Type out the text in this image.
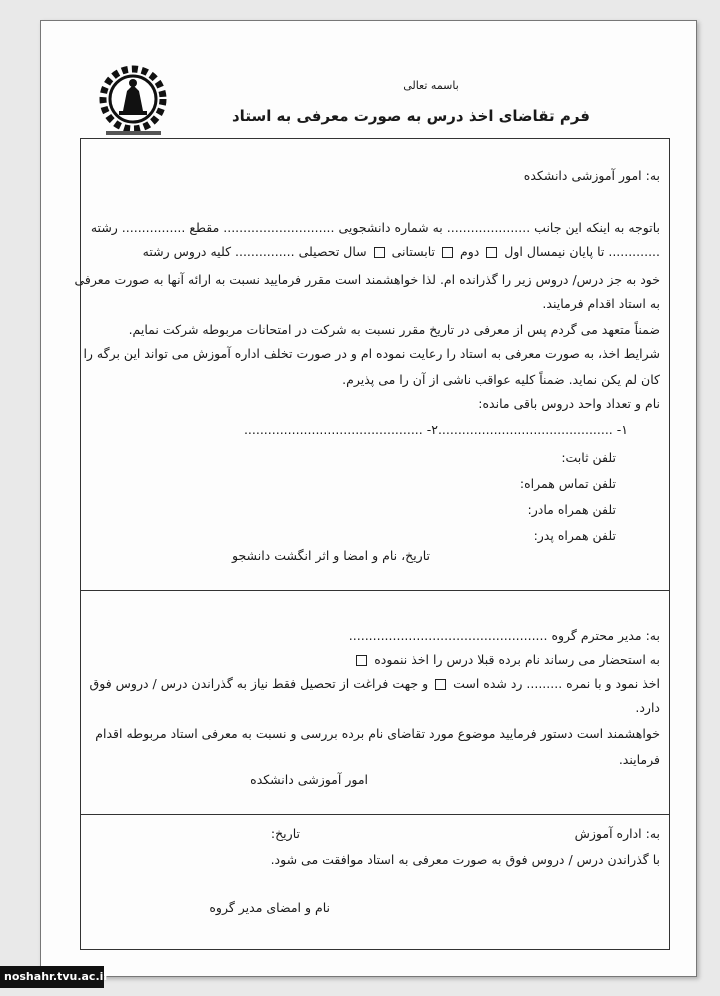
باسمه تعالی
فرم تقاضای اخذ درس به صورت معرفی به استاد
به: امور آموزشی دانشکده
باتوجه به اینکه این جانب ..................... به شماره دانشجویی ............................ مقطع ................ رشته
............. تا پایان نیمسال اول  دوم  تابستانی  سال تحصیلی ............... کلیه دروس رشته
خود به جز درس/ دروس زیر را گذرانده ام. لذا خواهشمند است مقرر فرمایید نسبت به ارائه آنها به صورت معرفی
به استاد اقدام فرمایند.
ضمناً متعهد می گردم پس از معرفی در تاریخ مقرر نسبت به شرکت در امتحانات مربوطه شرکت نمایم.
شرایط اخذ، به صورت معرفی به استاد را رعایت نموده ام و در صورت تخلف اداره آموزش می تواند این برگه را
کان لم یکن نماید. ضمناً کلیه عواقب ناشی از آن را می پذیرم.
نام و تعداد واحد دروس باقی مانده:
۱- ............................................۲- .............................................
تلفن ثابت:
تلفن تماس همراه:
تلفن همراه مادر:
تلفن همراه پدر:
تاریخ، نام و امضا و اثر انگشت دانشجو
به: مدیر محترم گروه ..................................................
به استحضار می رساند نام برده قبلا درس را اخذ ننموده
اخذ نمود و با نمره ......... رد شده است  و جهت فراغت از تحصیل فقط نیاز به گذراندن درس / دروس فوق
دارد.
خواهشمند است دستور فرمایید موضوع مورد تقاضای نام برده بررسی و نسبت به معرفی استاد مربوطه اقدام
فرمایند.
امور آموزشی دانشکده
به: اداره آموزش
تاریخ:
با گذراندن درس / دروس فوق به صورت معرفی به استاد موافقت می شود.
نام و امضای مدیر گروه
noshahr.tvu.ac.ir
